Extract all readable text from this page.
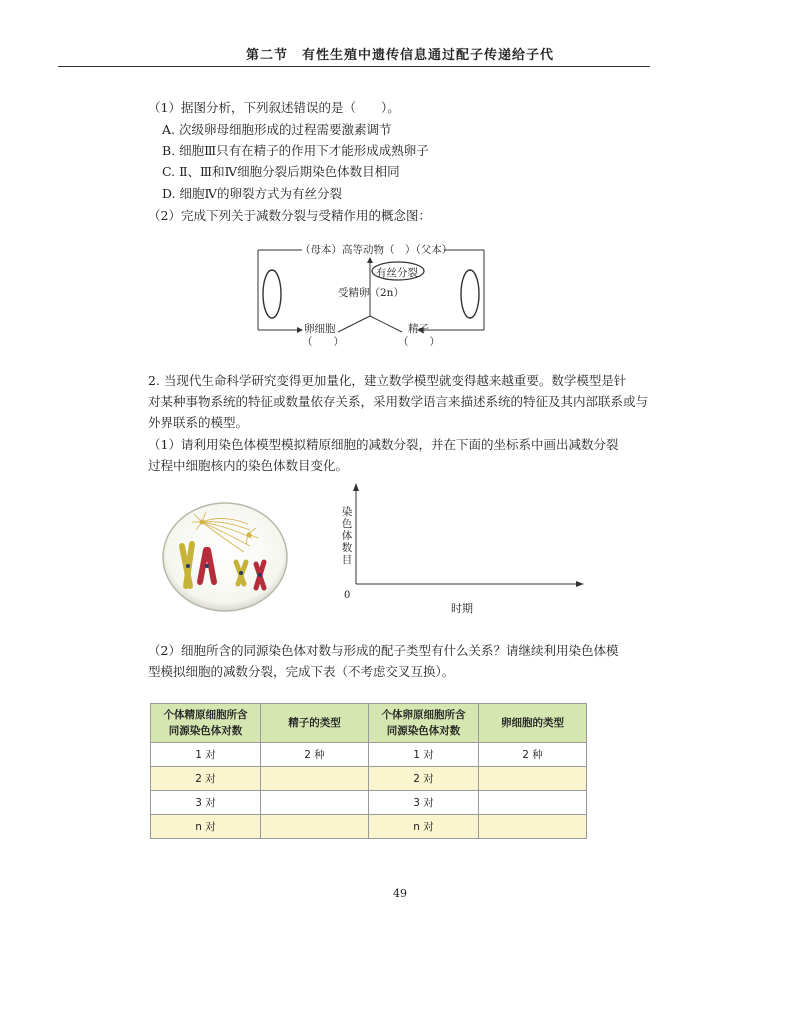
第二节　有性生殖中遗传信息通过配子传递给子代
（1）据图分析，下列叙述错误的是（　　）。
A. 次级卵母细胞形成的过程需要激素调节
B. 细胞Ⅲ只有在精子的作用下才能形成成熟卵子
C. Ⅱ、Ⅲ和Ⅳ细胞分裂后期染色体数目相同
D. 细胞Ⅳ的卵裂方式为有丝分裂
（2）完成下列关于减数分裂与受精作用的概念图：
（母本）高等动物（　）（父本）
有丝分裂
受精卵（2n）
卵细胞
（　　）
精子
（　　）
2. 当现代生命科学研究变得更加量化，建立数学模型就变得越来越重要。数学模型是针
对某种事物系统的特征或数量依存关系，采用数学语言来描述系统的特征及其内部联系或与
外界联系的模型。
（1）请利用染色体模型模拟精原细胞的减数分裂，并在下面的坐标系中画出减数分裂
过程中细胞核内的染色体数目变化。
染色体数目
0
时期
（2）细胞所含的同源染色体对数与形成的配子类型有什么关系？请继续利用染色体模
型模拟细胞的减数分裂，完成下表（不考虑交叉互换）。
个体精原细胞所含
同源染色体对数	精子的类型	个体卵原细胞所含
同源染色体对数	卵细胞的类型
1 对	2 种	1 对	2 种
2 对		2 对	
3 对		3 对	
n 对		n 对	
49
